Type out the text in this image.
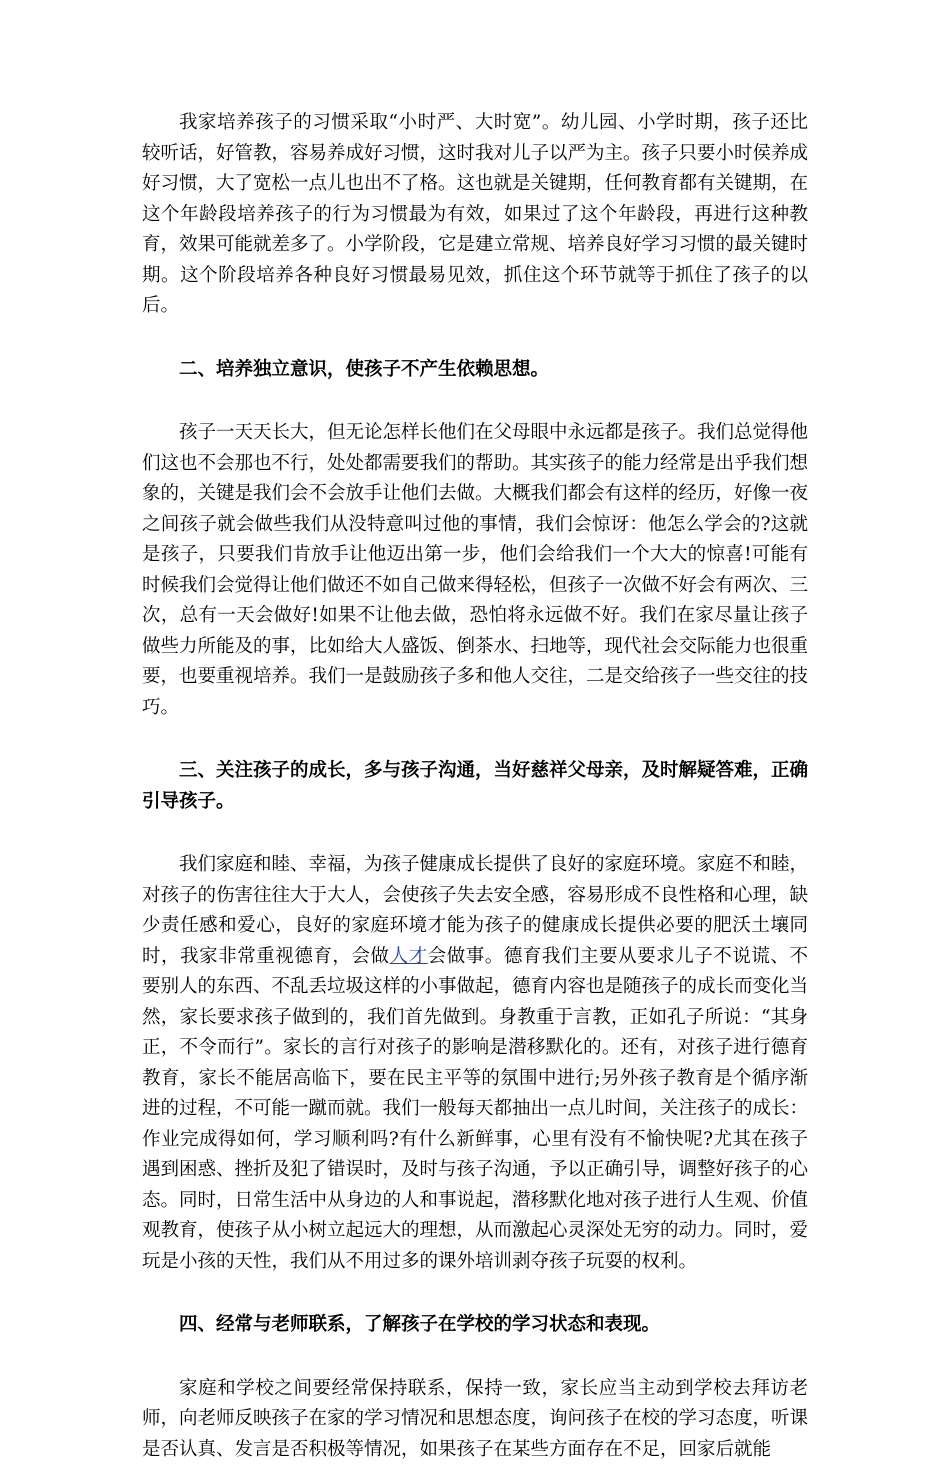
我家培养孩子的习惯采取“小时严、大时宽”。幼儿园、小学时期，孩子还比较听话，好管教，容易养成好习惯，这时我对儿子以严为主。孩子只要小时侯养成好习惯，大了宽松一点儿也出不了格。这也就是关键期，任何教育都有关键期，在这个年龄段培养孩子的行为习惯最为有效，如果过了这个年龄段，再进行这种教育，效果可能就差多了。小学阶段，它是建立常规、培养良好学习习惯的最关键时期。这个阶段培养各种良好习惯最易见效，抓住这个环节就等于抓住了孩子的以后。

二、培养独立意识，使孩子不产生依赖思想。

孩子一天天长大，但无论怎样长他们在父母眼中永远都是孩子。我们总觉得他们这也不会那也不行，处处都需要我们的帮助。其实孩子的能力经常是出乎我们想象的，关键是我们会不会放手让他们去做。大概我们都会有这样的经历，好像一夜之间孩子就会做些我们从没特意叫过他的事情，我们会惊讶：他怎么学会的?这就是孩子，只要我们肯放手让他迈出第一步，他们会给我们一个大大的惊喜!可能有时候我们会觉得让他们做还不如自己做来得轻松，但孩子一次做不好会有两次、三次，总有一天会做好!如果不让他去做，恐怕将永远做不好。我们在家尽量让孩子做些力所能及的事，比如给大人盛饭、倒茶水、扫地等，现代社会交际能力也很重要，也要重视培养。我们一是鼓励孩子多和他人交往，二是交给孩子一些交往的技巧。

三、关注孩子的成长，多与孩子沟通，当好慈祥父母亲，及时解疑答难，正确引导孩子。

我们家庭和睦、幸福，为孩子健康成长提供了良好的家庭环境。家庭不和睦，对孩子的伤害往往大于大人，会使孩子失去安全感，容易形成不良性格和心理，缺少责任感和爱心，良好的家庭环境才能为孩子的健康成长提供必要的肥沃土壤同时，我家非常重视德育，会做人才会做事。德育我们主要从要求儿子不说谎、不要别人的东西、不乱丢垃圾这样的小事做起，德育内容也是随孩子的成长而变化当然，家长要求孩子做到的，我们首先做到。身教重于言教，正如孔子所说：“其身正，不令而行”。家长的言行对孩子的影响是潜移默化的。还有，对孩子进行德育教育，家长不能居高临下，要在民主平等的氛围中进行;另外孩子教育是个循序渐进的过程，不可能一蹴而就。我们一般每天都抽出一点儿时间，关注孩子的成长：作业完成得如何，学习顺利吗?有什么新鲜事，心里有没有不愉快呢?尤其在孩子遇到困惑、挫折及犯了错误时，及时与孩子沟通，予以正确引导，调整好孩子的心态。同时，日常生活中从身边的人和事说起，潜移默化地对孩子进行人生观、价值观教育，使孩子从小树立起远大的理想，从而激起心灵深处无穷的动力。同时，爱玩是小孩的天性，我们从不用过多的课外培训剥夺孩子玩耍的权利。

四、经常与老师联系，了解孩子在学校的学习状态和表现。

家庭和学校之间要经常保持联系，保持一致，家长应当主动到学校去拜访老师，向老师反映孩子在家的学习情况和思想态度，询问孩子在校的学习态度，听课是否认真、发言是否积极等情况，如果孩子在某些方面存在不足，回家后就能
